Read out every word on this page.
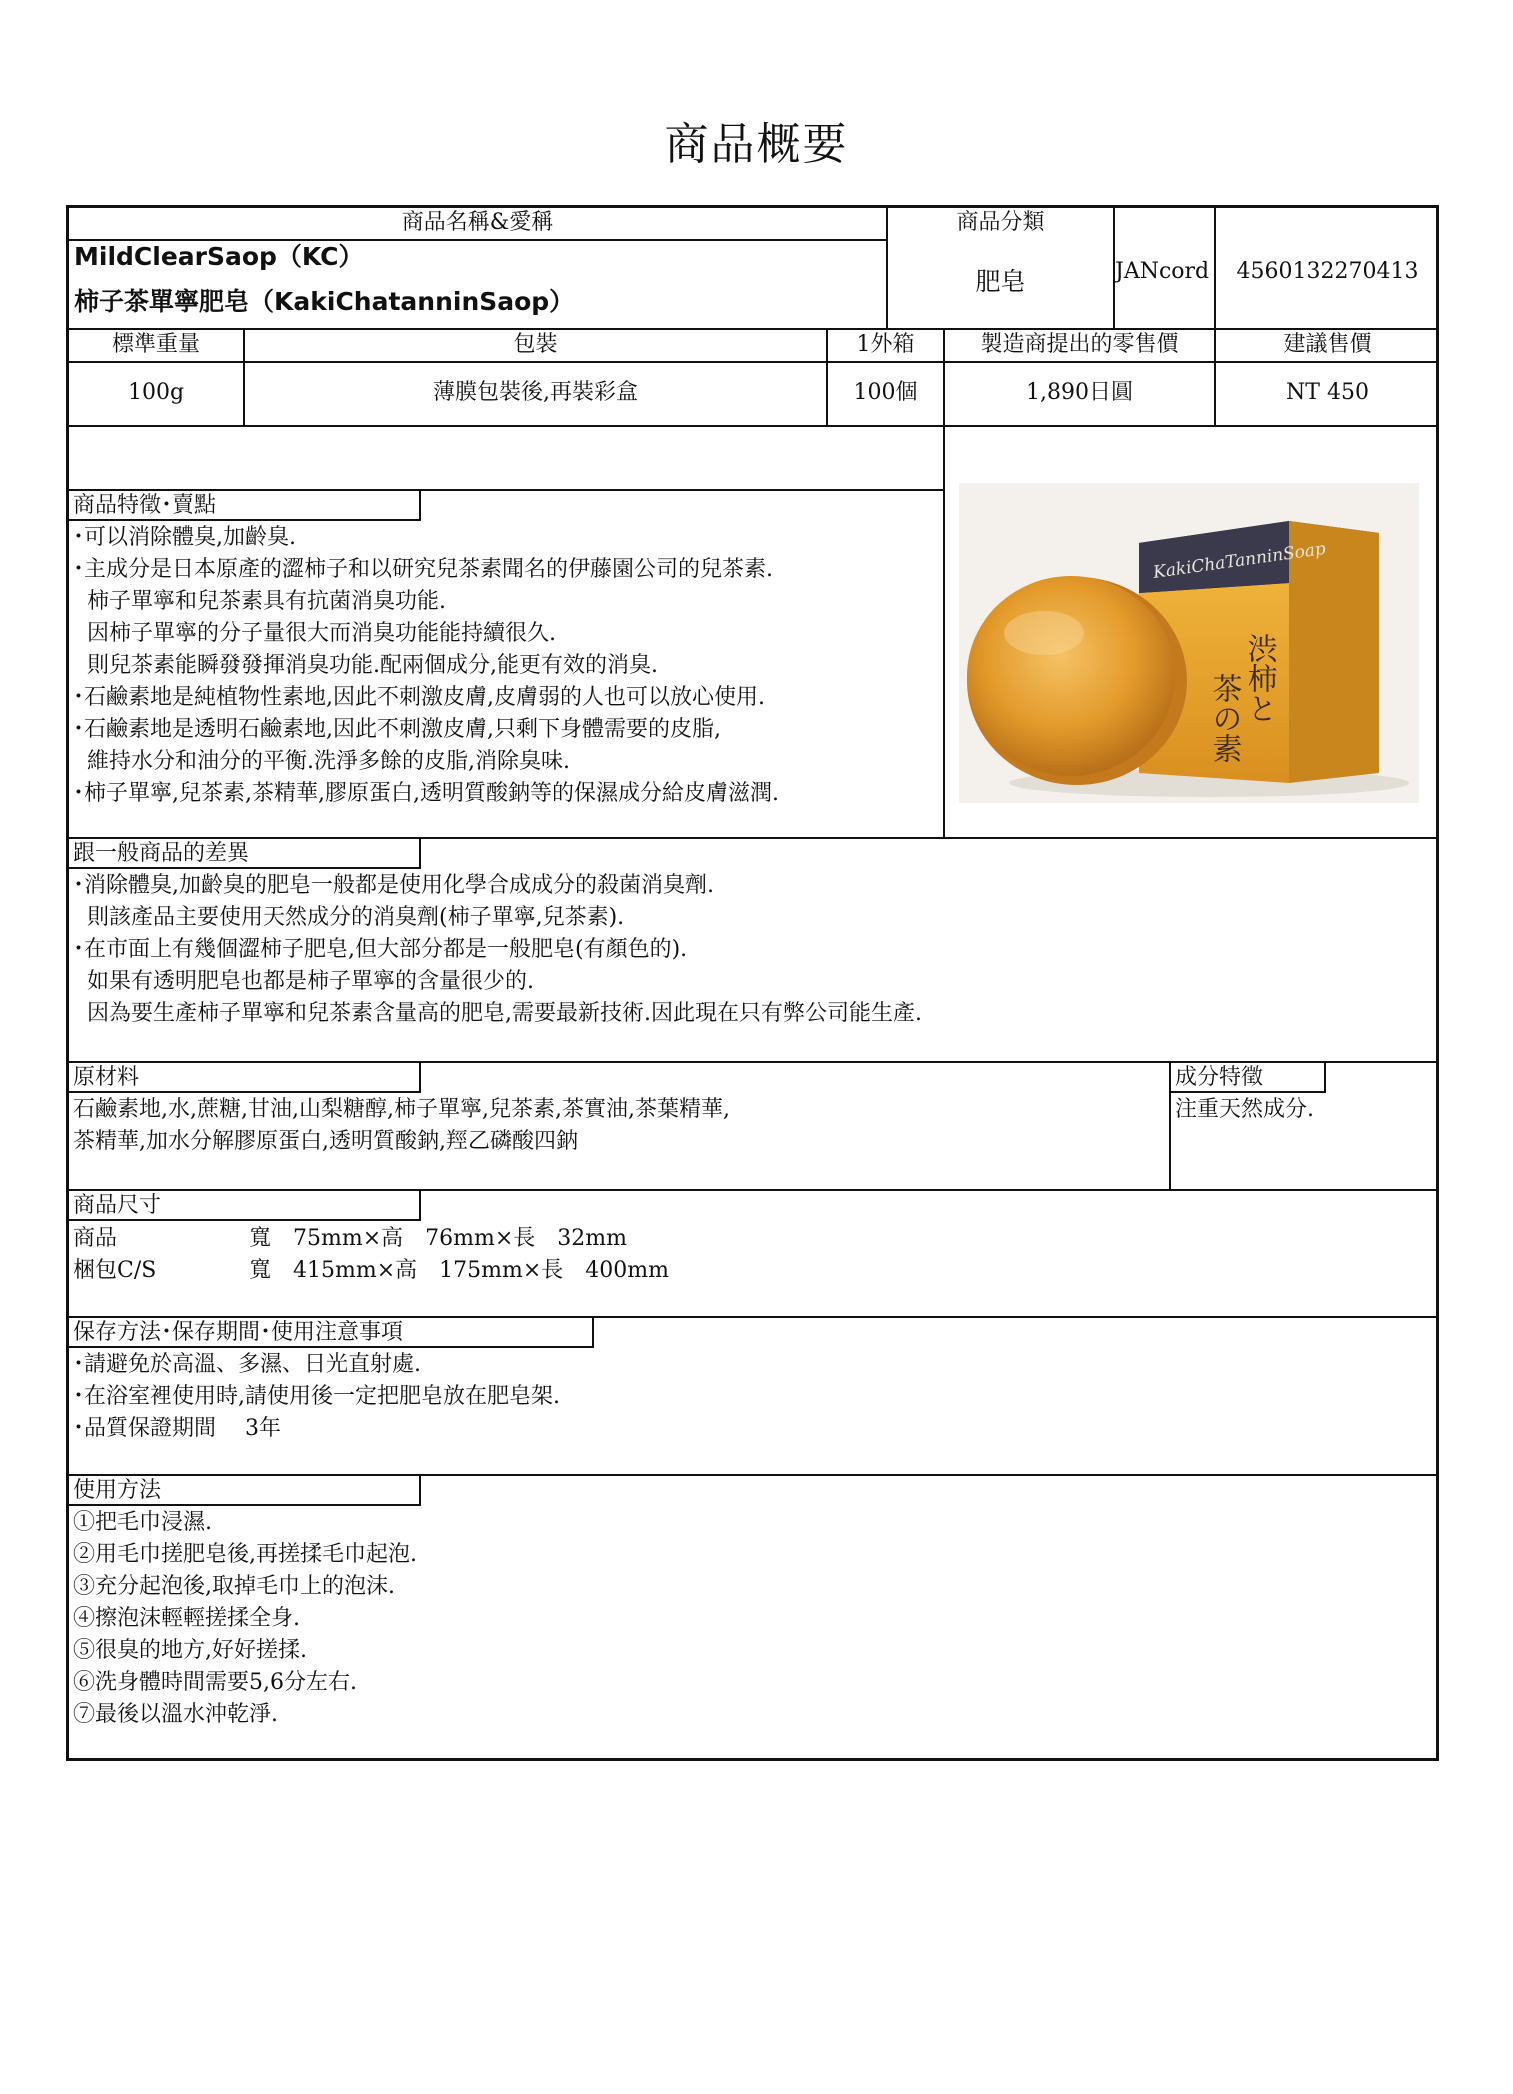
商品概要
商品名稱&愛稱	商品分類
MildClearSaop（KC）
柿子茶單寧肥皂（KakiChatanninSaop）
肥皂	JANcord	4560132270413
標準重量	包裝	1外箱	製造商提出的零售價	建議售價
100g	薄膜包裝後,再裝彩盒	100個	1,890日圓	NT 450
商品特徵･賣點
･可以消除體臭,加齡臭.
･主成分是日本原產的澀柿子和以研究兒茶素聞名的伊藤園公司的兒茶素.
柿子單寧和兒茶素具有抗菌消臭功能.
因柿子單寧的分子量很大而消臭功能能持續很久.
則兒茶素能瞬發發揮消臭功能.配兩個成分,能更有效的消臭.
･石鹼素地是純植物性素地,因此不刺激皮膚,皮膚弱的人也可以放心使用.
･石鹼素地是透明石鹼素地,因此不刺激皮膚,只剩下身體需要的皮脂,
維持水分和油分的平衡.洗淨多餘的皮脂,消除臭味.
･柿子單寧,兒茶素,茶精華,膠原蛋白,透明質酸鈉等的保濕成分給皮膚滋潤.
跟一般商品的差異
･消除體臭,加齡臭的肥皂一般都是使用化學合成成分的殺菌消臭劑.
則該產品主要使用天然成分的消臭劑(柿子單寧,兒茶素).
･在市面上有幾個澀柿子肥皂,但大部分都是一般肥皂(有顏色的).
如果有透明肥皂也都是柿子單寧的含量很少的.
因為要生產柿子單寧和兒茶素含量高的肥皂,需要最新技術.因此現在只有弊公司能生產.
原材料
石鹼素地,水,蔗糖,甘油,山梨糖醇,柿子單寧,兒茶素,茶實油,茶葉精華,
茶精華,加水分解膠原蛋白,透明質酸鈉,羥乙磷酸四鈉
成分特徵
注重天然成分.
商品尺寸
商品	寬　75mm×高　76mm×長　32mm
梱包C/S	寬　415mm×高　175mm×長　400mm
保存方法･保存期間･使用注意事項
･請避免於高溫、多濕、日光直射處.
･在浴室裡使用時,請使用後一定把肥皂放在肥皂架.
･品質保證期間　 3年
使用方法
①把毛巾浸濕.
②用毛巾搓肥皂後,再搓揉毛巾起泡.
③充分起泡後,取掉毛巾上的泡沫.
④擦泡沫輕輕搓揉全身.
⑤很臭的地方,好好搓揉.
⑥洗身體時間需要5,6分左右.
⑦最後以溫水沖乾淨.
KakiChaTanninSoap
渋柿と
茶の素
